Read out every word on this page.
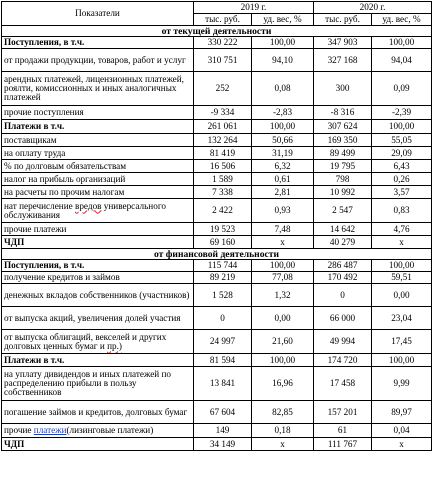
Показатели	2019 г.		2020 г.	
	тыс. руб.	уд. вес, %	тыс. руб.	уд. вес, %
от текущей деятельности				
Поступления, в т.ч.	330 222	100,00	347 903	100,00
от продажи продукции, товаров, работ и услуг	310 751	94,10	327 168	94,04
арендных платежей, лицензионных платежей, роялти, комиссионных и иных аналогичных платежей	252	0,08	300	0,09
прочие поступления	-9 334	-2,83	-8 316	-2,39
Платежи в т.ч.	261 061	100,00	307 624	100,00
поставщикам	132 264	50,66	169 350	55,05
на оплату труда	81 419	31,19	89 499	29,09
% по долговым обязательствам	16 506	6,32	19 795	6,43
налог на прибыль организаций	1 589	0,61	798	0,26
на расчеты по прочим налогам	7 338	2,81	10 992	3,57
нат перечисление вредов универсального обслуживания	2 422	0,93	2 547	0,83
прочие платежи	19 523	7,48	14 642	4,76
ЧДП	69 160	х	40 279	х
от финансовой деятельности				
Поступления, в т.ч.	115 744	100,00	286 487	100,00
получение кредитов и займов	89 219	77,08	170 492	59,51
денежных вкладов собственников (участников)	1 528	1,32	0	0,00
от выпуска акций, увеличения долей участия	0	0,00	66 000	23,04
от выпуска облигаций, векселей и других долговых ценных бумаг и пр.)	24 997	21,60	49 994	17,45
Платежи в т.ч.	81 594	100,00	174 720	100,00
на уплату дивидендов и иных платежей по распределению прибыли в пользу собственников	13 841	16,96	17 458	9,99
погашение займов и кредитов, долговых бумаг	67 604	82,85	157 201	89,97
прочие платежи(лизинговые платежи)	149	0,18	61	0,04
ЧДП	34 149	х	111 767	х
